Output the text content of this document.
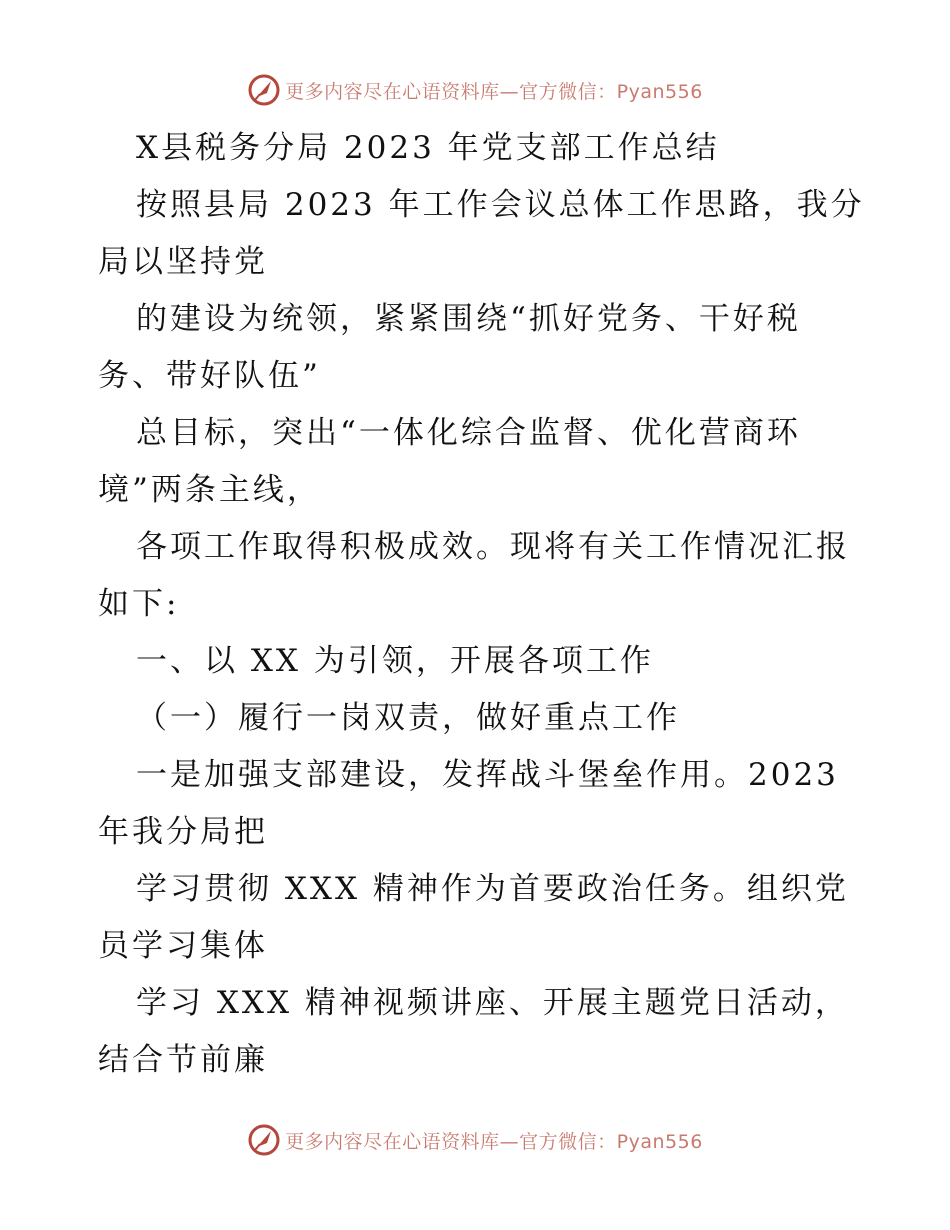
更多内容尽在心语资料库—官方微信：Pyan556
X县税务分局 2023 年党支部工作总结
按照县局 2023 年工作会议总体工作思路，我分
局以坚持党
的建设为统领，紧紧围绕“抓好党务、干好税
务、带好队伍”
总目标，突出“一体化综合监督、优化营商环
境”两条主线，
各项工作取得积极成效。现将有关工作情况汇报
如下:
一、以 XX 为引领，开展各项工作
（一）履行一岗双责，做好重点工作
一是加强支部建设，发挥战斗堡垒作用。2023
年我分局把
学习贯彻 XXX 精神作为首要政治任务。组织党
员学习集体
学习 XXX 精神视频讲座、开展主题党日活动，
结合节前廉
更多内容尽在心语资料库—官方微信：Pyan556
